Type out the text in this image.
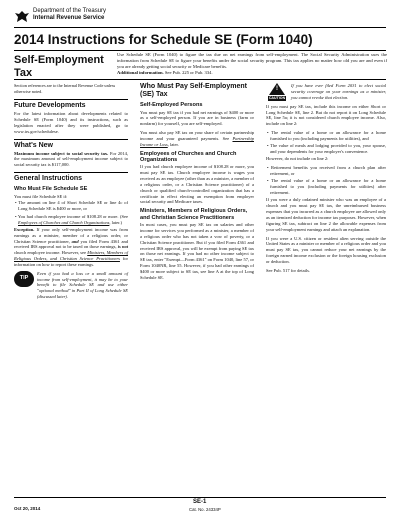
Department of the Treasury
Internal Revenue Service
2014 Instructions for Schedule SE (Form 1040)
Self-Employment Tax
Use Schedule SE (Form 1040) to figure the tax due on net earnings from self-employment. The Social Security Administration uses the information from Schedule SE to figure your benefits under the social security program. This tax applies no matter how old you are and even if you are already getting social security or Medicare benefits.
Additional information. See Pub. 225 or Pub. 334.
Section references are to the Internal Revenue Code unless otherwise noted.
Future Developments
For the latest information about developments related to Schedule SE (Form 1040) and its instructions, such as legislation enacted after they were published, go to www.irs.gov/schedulese.
What's New
Maximum income subject to social security tax. For 2014, the maximum amount of self-employment income subject to social security tax is $117,000.
General Instructions
Who Must File Schedule SE
You must file Schedule SE if:
• The amount on line 4 of Short Schedule SE or line 4c of Long Schedule SE is $400 or more, or
• You had church employee income of $108.28 or more. (See Employees of Churches and Church Organizations, later.)
Exception. If your only self-employment income was from earnings as a minister, member of a religious order, or Christian Science practitioner, and you filed Form 4361 and received IRS approval not to be taxed on those earnings, is not church employee income. However, see Ministers, Members of Religious Orders, and Christian Science Practitioners for information on how to report these earnings.
TIP
Even if you had a loss or a small amount of income from self-employment, it may be to your benefit to file Schedule SE and use either "optional method" in Part II of Long Schedule SE (discussed later).
Who Must Pay Self-Employment (SE) Tax
Self-Employed Persons
You must pay SE tax if you had net earnings of $400 or more as a self-employed person. If you are in business (farm or nonfarm) for yourself, you are self-employed.
You must also pay SE tax on your share of certain partnership income and your guaranteed payments. See Partnership Income or Loss, later.
Employees of Churches and Church Organizations
If you had church employee income of $108.28 or more, you must pay SE tax. Church employee income is wages you received as an employee (other than as a minister, a member of a religious order, or a Christian Science practitioner) of a church or qualified church-controlled organization that has a certificate in effect electing an exemption from employer social security and Medicare taxes.
Ministers, Members of Religious Orders, and Christian Science Practitioners
In most cases, you must pay SE tax on salaries and other income for services you performed as a minister, a member of a religious order who has not taken a vow of poverty, or a Christian Science practitioner. But if you filed Form 4361 and received IRS approval, you will be exempt from paying SE tax on those net earnings. If you had no other income subject to SE tax, enter "Exempt—Form 4361" on Form 1040, line 57, or Form 1040NR, line 55. However, if you had other earnings of $400 or more subject to SE tax, see line A at the top of Long Schedule SE.
!
CAUTION
If you have ever filed Form 2031 to elect social security coverage on your earnings as a minister, you cannot revoke that election.
If you must pay SE tax, include this income on either Short or Long Schedule SE, line 2. But do not report it on Long Schedule SE, line 5a; it is not considered church employee income. Also, include on line 2:
• The rental value of a home or an allowance for a home furnished to you (including payments for utilities), and
• The value of meals and lodging provided to you, your spouse, and your dependents for your employer's convenience.
However, do not include on line 2:
• Retirement benefits you received from a church plan after retirement, or
• The rental value of a home or an allowance for a home furnished to you (including payments for utilities) after retirement.
If you were a duly ordained minister who was an employee of a church and you must pay SE tax, the unreimbursed business expenses that you incurred as a church employee are allowed only as an itemized deduction for income tax purposes. However, when figuring SE tax, subtract on line 2 the allowable expenses from your self-employment earnings and attach an explanation.
If you were a U.S. citizen or resident alien serving outside the United States as a minister or member of a religious order and you must pay SE tax, you cannot reduce your net earnings by the foreign earned income exclusion or the foreign housing exclusion or deduction.
See Pub. 517 for details.
Oct 20, 2014
SE-1
Cat. No. 24334P
